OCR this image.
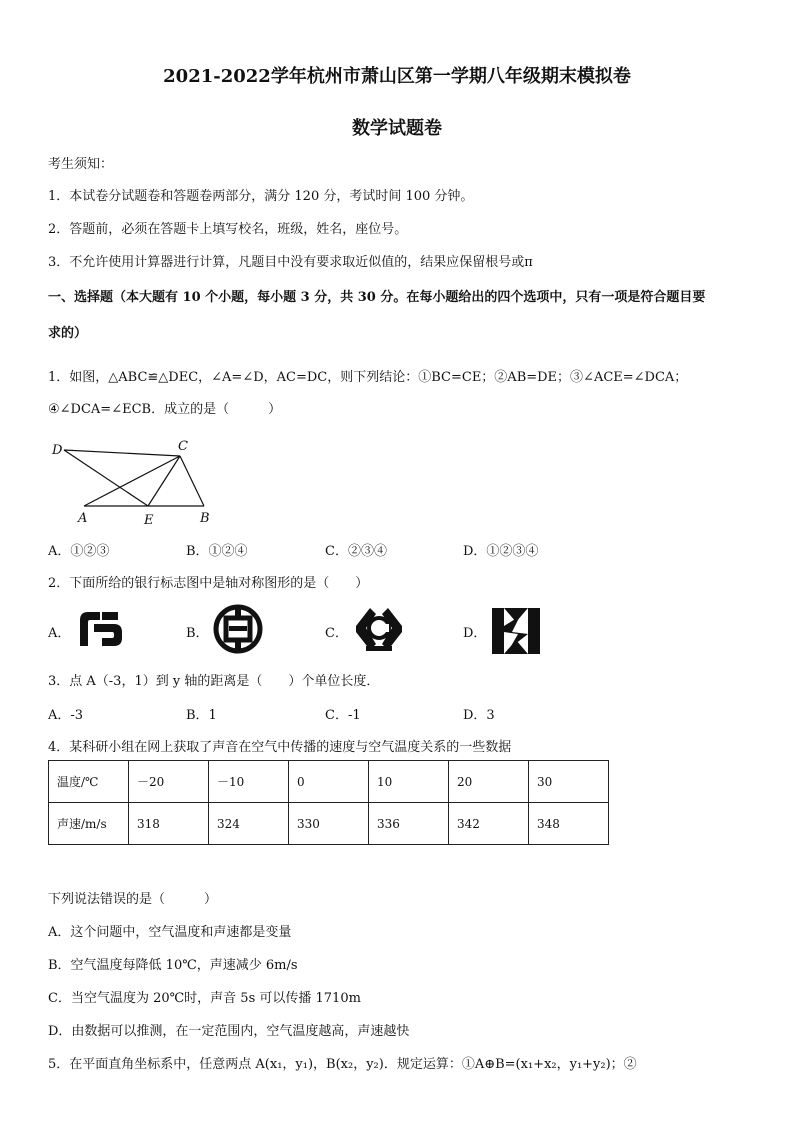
2021-2022学年杭州市萧山区第一学期八年级期末模拟卷
数学试题卷
考生须知：
1．本试卷分试题卷和答题卷两部分，满分 120 分，考试时间 100 分钟。
2．答题前，必须在答题卡上填写校名，班级，姓名，座位号。
3．不允许使用计算器进行计算，凡题目中没有要求取近似值的，结果应保留根号或π
一、选择题（本大题有 10 个小题，每小题 3 分，共 30 分。在每小题给出的四个选项中，只有一项是符合题目要
求的）
1．如图，△ABC≌△DEC，∠A=∠D，AC=DC，则下列结论：①BC=CE；②AB=DE；③∠ACE=∠DCA；
④∠DCA=∠ECB．成立的是（　　　）
D	C
A	E	B
A．①②③	B．①②④	C．②③④	D．①②③④
2．下面所给的银行标志图中是轴对称图形的是（　　）
A．	B．	C．	D．
3．点 A（-3，1）到 y 轴的距离是（　　）个单位长度．
A．-3	B．1	C．-1	D．3
4．某科研小组在网上获取了声音在空气中传播的速度与空气温度关系的一些数据
温度/℃	－20	－10	0	10	20	30
声速/m/s	318	324	330	336	342	348
下列说法错误的是（　　　）
A．这个问题中，空气温度和声速都是变量
B．空气温度每降低 10℃，声速减少 6m/s
C．当空气温度为 20℃时，声音 5s 可以传播 1710m
D．由数据可以推测，在一定范围内，空气温度越高，声速越快
5．在平面直角坐标系中，任意两点 A(x₁，y₁)，B(x₂，y₂)．规定运算：①A⊕B=(x₁+x₂，y₁+y₂)；②
